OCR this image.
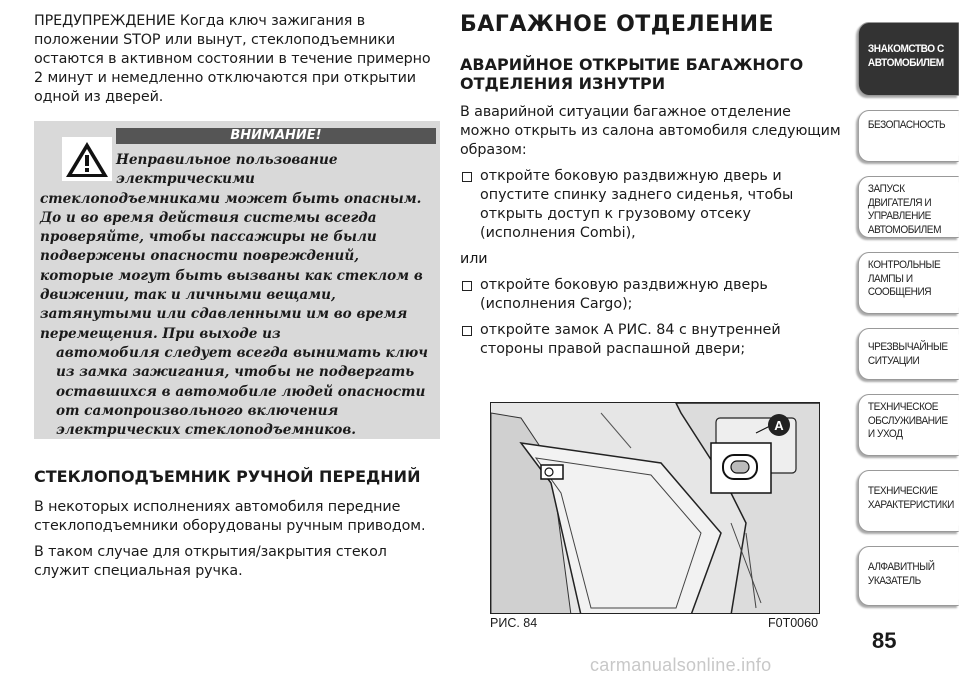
ПРЕДУПРЕЖДЕНИЕ Когда ключ зажигания в положении STOP или вынут, стеклоподъемники остаются в активном состоянии в течение примерно 2 минут и немедленно отключаются при открытии одной из дверей.

ВНИМАНИЕ!
Неправильное пользование
электрическими
стеклоподъемниками может быть опасным. До и во время действия системы всегда проверяйте, чтобы пассажиры не были подвержены опасности повреждений, которые могут быть вызваны как стеклом в движении, так и личными вещами, затянутыми или сдавленными им во время перемещения. При выходе из
автомобиля следует всегда вынимать ключ из замка зажигания, чтобы не подвергать оставшихся в автомобиле людей опасности от самопроизвольного включения электрических стеклоподъемников.
СТЕКЛОПОДЪЕМНИК РУЧНОЙ ПЕРЕДНИЙ

В некоторых исполнениях автомобиля передние стеклоподъемники оборудованы ручным приводом.

В таком случае для открытия/закрытия стекол служит специальная ручка.

БАГАЖНОЕ ОТДЕЛЕНИЕ
АВАРИЙНОЕ ОТКРЫТИЕ БАГАЖНОГО ОТДЕЛЕНИЯ ИЗНУТРИ

В аварийной ситуации багажное отделение можно открыть из салона автомобиля следующим образом:

откройте боковую раздвижную дверь и опустите спинку заднего сиденья, чтобы открыть доступ к грузовому отсеку (исполнения Combi),

или

откройте боковую раздвижную дверь (исполнения Cargo);
откройте замок A РИС. 84 с внутренней стороны правой распашной двери;
A
РИС. 84	F0T0060
ЗНАКОМСТВО С АВТОМОБИЛЕМ
БЕЗОПАСНОСТЬ
ЗАПУСК ДВИГАТЕЛЯ И УПРАВЛЕНИЕ АВТОМОБИЛЕМ
КОНТРОЛЬНЫЕ ЛАМПЫ И СООБЩЕНИЯ
ЧРЕЗВЫЧАЙНЫЕ СИТУАЦИИ
ТЕХНИЧЕСКОЕ ОБСЛУЖИВАНИЕ И УХОД
ТЕХНИЧЕСКИЕ ХАРАКТЕРИСТИКИ
АЛФАВИТНЫЙ УКАЗАТЕЛЬ
85
carmanualsonline.info
